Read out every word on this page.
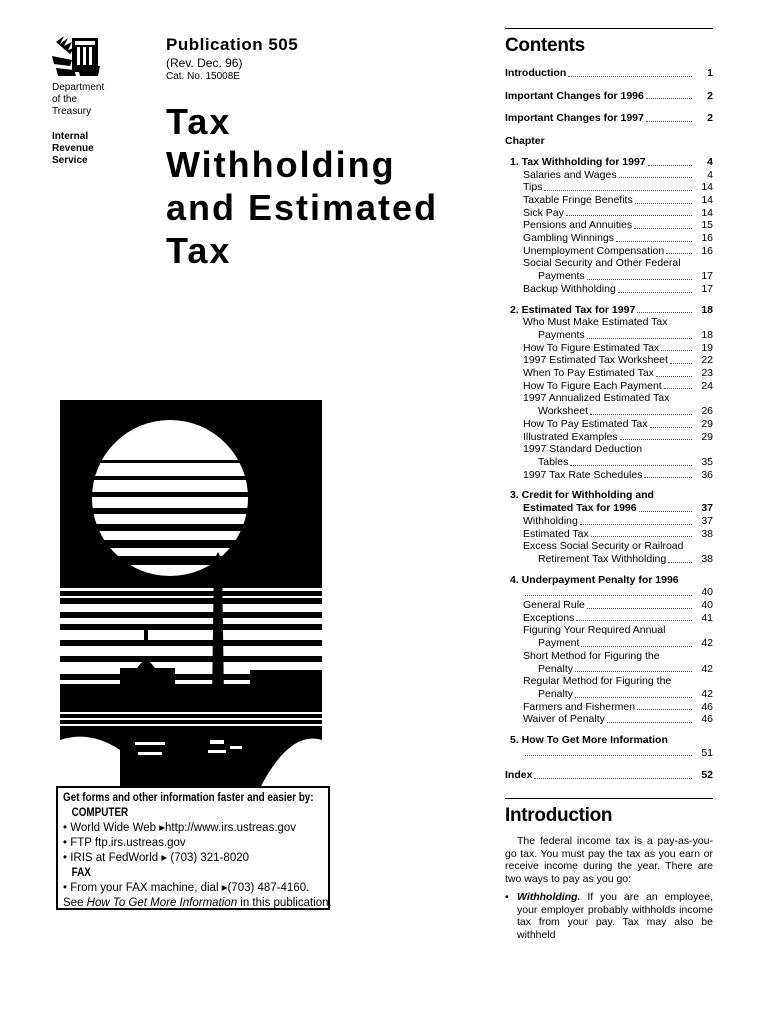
Department
of the
Treasury
Internal
Revenue
Service
Publication 505
(Rev. Dec. 96)
Cat. No. 15008E
Tax
Withholding
and Estimated
Tax
Get forms and other information faster and easier by:
COMPUTER
• World Wide Web ▸http://www.irs.ustreas.gov
• FTP ftp.irs.ustreas.gov
• IRIS at FedWorld ▸ (703) 321-8020
FAX
• From your FAX machine, dial ▸(703) 487-4160.
See How To Get More Information in this publication.
Contents
Introduction	1
Important Changes for 1996	2
Important Changes for 1997	2
Chapter
1. Tax Withholding for 1997	4
Salaries and Wages	4
Tips	14
Taxable Fringe Benefits	14
Sick Pay	14
Pensions and Annuities	15
Gambling Winnings	16
Unemployment Compensation	16
Social Security and Other Federal
Payments	17
Backup Withholding	17
2. Estimated Tax for 1997	18
Who Must Make Estimated Tax
Payments	18
How To Figure Estimated Tax	19
1997 Estimated Tax Worksheet	22
When To Pay Estimated Tax	23
How To Figure Each Payment	24
1997 Annualized Estimated Tax
Worksheet	26
How To Pay Estimated Tax	29
Illustrated Examples	29
1997 Standard Deduction
Tables	35
1997 Tax Rate Schedules	36
3. Credit for Withholding and
Estimated Tax for 1996	37
Withholding	37
Estimated Tax	38
Excess Social Security or Railroad
Retirement Tax Withholding	38
4. Underpayment Penalty for 1996
40
General Rule	40
Exceptions	41
Figuring Your Required Annual
Payment	42
Short Method for Figuring the
Penalty	42
Regular Method for Figuring the
Penalty	42
Farmers and Fishermen	46
Waiver of Penalty	46
5. How To Get More Information
51
Index	52
Introduction

The federal income tax is a pay-as-you-go tax. You must pay the tax as you earn or receive income during the year. There are two ways to pay as you go:

• Withholding. If you are an employee, your employer probably withholds income tax from your pay. Tax may also be withheld
